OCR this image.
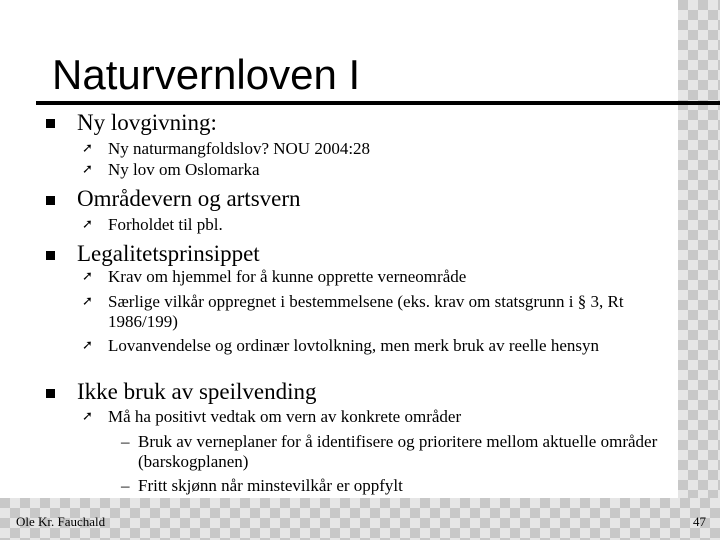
Naturvernloven I
Ny lovgivning:
➚ Ny naturmangfoldslov? NOU 2004:28
➚ Ny lov om Oslomarka
Områdevern og artsvern
➚ Forholdet til pbl.
Legalitetsprinsippet
➚ Krav om hjemmel for å kunne opprette verneområde
➚ Særlige vilkår oppregnet i bestemmelsene (eks. krav om statsgrunn i § 3, Rt 1986/199)
➚ Lovanvendelse og ordinær lovtolkning, men merk bruk av reelle hensyn
Ikke bruk av speilvending
➚ Må ha positivt vedtak om vern av konkrete områder
– Bruk av verneplaner for å identifisere og prioritere mellom aktuelle områder (barskogplanen)
– Fritt skjønn når minstevilkår er oppfylt
Ole Kr. Fauchald	47
